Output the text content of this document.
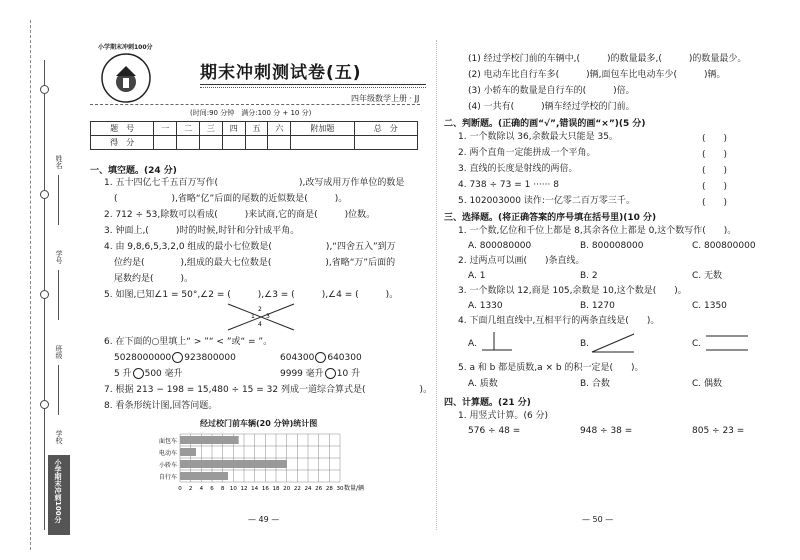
姓名
学号
班级
学校
小学期末冲刺100分
小学期末冲刺100分
期末冲刺测试卷(五)
四年级数学上册 · JJ
(时间:90 分钟　满分:100 分 + 10 分)
题　号	一	二	三	四	五	六	附加题	总　分
得　分								
一、填空题。(24 分)
1. 五十四亿七千五百万写作(　　　　　　　　　),改写成用万作单位的数是
(　　　　　　),省略“亿”后面的尾数的近似数是(　　　)。
2. 712 ÷ 53,除数可以看成(　　　)来试商,它的商是(　　　)位数。
3. 钟面上,(　　　)时的时候,时针和分针成平角。
4. 由 9,8,6,5,3,2,0 组成的最小七位数是(　　　　　　),“四舍五入”到万
位约是(　　　　),组成的最大七位数是(　　　　　　),省略“万”后面的
尾数约是(　　　)。
5. 如图,已知∠1 = 50°,∠2 = (　　　),∠3 = (　　　),∠4 = (　　　)。
2
1 3
4
6. 在下面的○里填上“ > ”“ < ”或“ = ”。
5028000000 923800000	604300 640300
5 升 500 毫升	9999 毫升 10 升
7. 根据 213 − 198 = 15,480 ÷ 15 = 32 列成一道综合算式是(　　　　　　)。
8. 看条形统计图,回答问题。
经过校门前车辆(20 分钟)统计图
面包车
电动车
小轿车
自行车
0 2 4 6 8 10 12 14 16 18 20 22 24 26 28 30 数量/辆
— 49 —
(1) 经过学校门前的车辆中,(　　　)的数量最多,(　　　)的数量最少。
(2) 电动车比自行车多(　　　)辆,面包车比电动车少(　　　)辆。
(3) 小轿车的数量是自行车的(　　　)倍。
(4) 一共有(　　　)辆车经过学校的门前。
二、判断题。(正确的画“√”,错误的画“×”)(5 分)
1. 一个数除以 36,余数最大只能是 35。
2. 两个直角一定能拼成一个平角。
3. 直线的长度是射线的两倍。
4. 738 ÷ 73 = 1 ······ 8
5. 102003000 读作:一亿零二百万零三千。
(　　)
(　　)
(　　)
(　　)
(　　)
三、选择题。(将正确答案的序号填在括号里)(10 分)
1. 一个数,亿位和千位上都是 8,其余各位上都是 0,这个数写作(　　)。
A. 800080000	B. 800008000	C. 800800000
2. 过两点可以画(　　)条直线。
A. 1	B. 2	C. 无数
3. 一个数除以 12,商是 105,余数是 10,这个数是(　　)。
A. 1330	B. 1270	C. 1350
4. 下面几组直线中,互相平行的两条直线是(　　)。
A.	B.	C.
5. a 和 b 都是质数,a × b 的积一定是(　　)。
A. 质数	B. 合数	C. 偶数
四、计算题。(21 分)
1. 用竖式计算。(6 分)
576 ÷ 48 =	948 ÷ 38 =	805 ÷ 23 =
— 50 —
